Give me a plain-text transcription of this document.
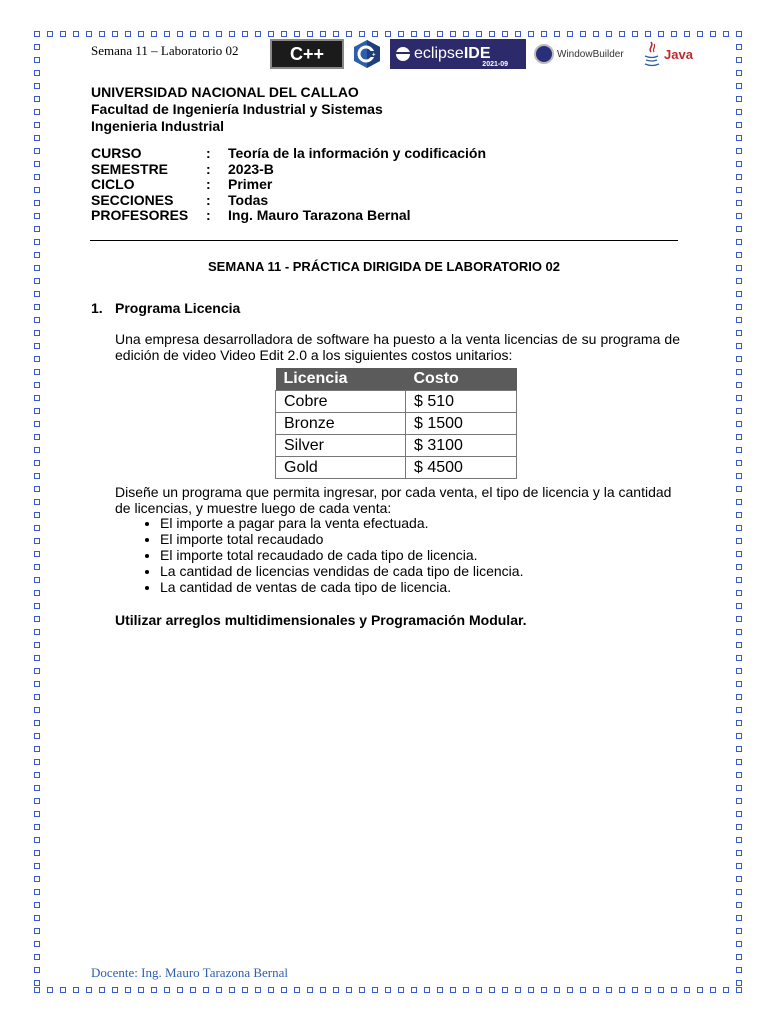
Semana 11 – Laboratorio 02	C++	+ eclipse IDE
2021-09
WindowBuilder	Java
UNIVERSIDAD NACIONAL DEL CALLAO
Facultad de Ingeniería Industrial y Sistemas
Ingenieria Industrial
CURSO	:	Teoría de la información y codificación
SEMESTRE	:	2023-B
CICLO	:	Primer
SECCIONES	:	Todas
PROFESORES	:	Ing. Mauro Tarazona Bernal
SEMANA 11 - PRÁCTICA DIRIGIDA DE LABORATORIO 02
1. Programa Licencia
Una empresa desarrolladora de software ha puesto a la venta licencias de su programa de edición de video Video Edit 2.0 a los siguientes costos unitarios:
Licencia	Costo
Cobre	$ 510
Bronze	$ 1500
Silver	$ 3100
Gold	$ 4500
Diseñe un programa que permita ingresar, por cada venta, el tipo de licencia y la cantidad de licencias, y muestre luego de cada venta:
• El importe a pagar para la venta efectuada.
• El importe total recaudado
• El importe total recaudado de cada tipo de licencia.
• La cantidad de licencias vendidas de cada tipo de licencia.
• La cantidad de ventas de cada tipo de licencia.
Utilizar arreglos multidimensionales y Programación Modular.
Docente: Ing. Mauro Tarazona Bernal
